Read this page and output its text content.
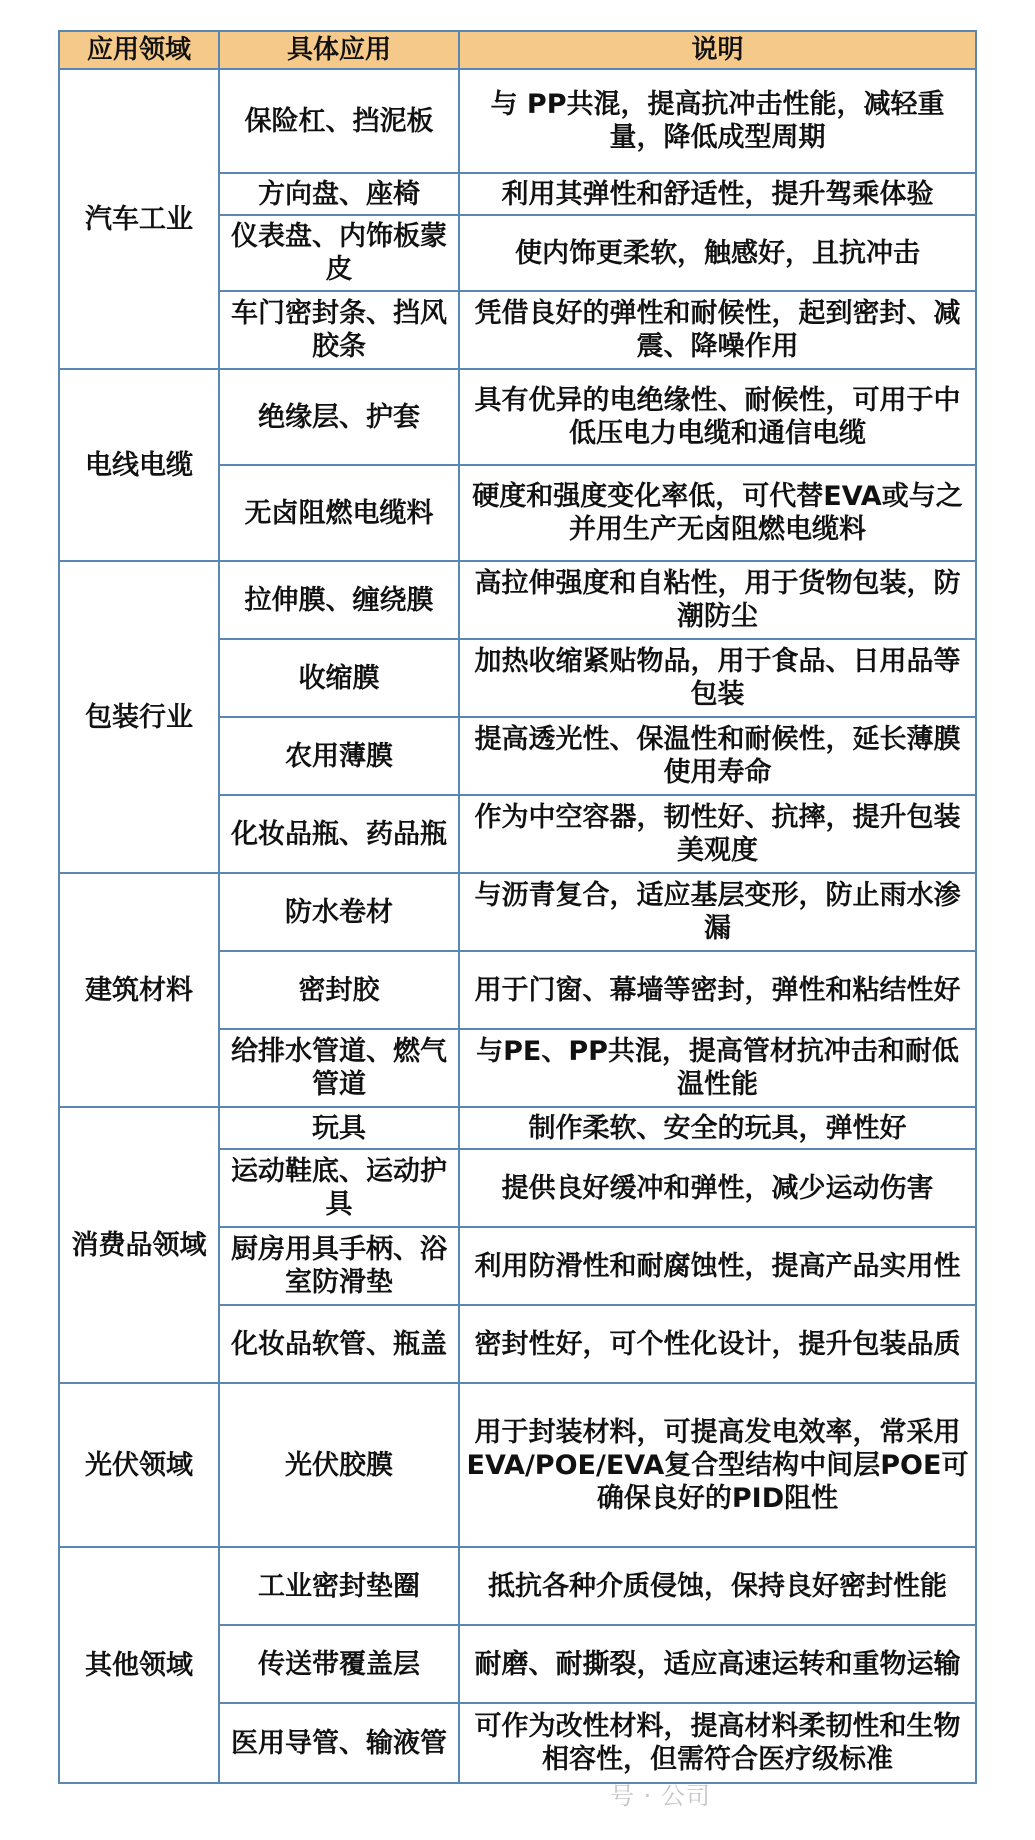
应用领域	具体应用	说明
汽车工业	保险杠、挡泥板	与 PP共混，提高抗冲击性能，减轻重量，降低成型周期
	方向盘、座椅	利用其弹性和舒适性，提升驾乘体验
	仪表盘、内饰板蒙皮	使内饰更柔软，触感好，且抗冲击
	车门密封条、挡风胶条	凭借良好的弹性和耐候性，起到密封、减震、降噪作用
电线电缆	绝缘层、护套	具有优异的电绝缘性、耐候性，可用于中低压电力电缆和通信电缆
	无卤阻燃电缆料	硬度和强度变化率低，可代替EVA或与之并用生产无卤阻燃电缆料
包装行业	拉伸膜、缠绕膜	高拉伸强度和自粘性，用于货物包装，防潮防尘
	收缩膜	加热收缩紧贴物品，用于食品、日用品等包装
	农用薄膜	提高透光性、保温性和耐候性，延长薄膜使用寿命
	化妆品瓶、药品瓶	作为中空容器，韧性好、抗摔，提升包装美观度
建筑材料	防水卷材	与沥青复合，适应基层变形，防止雨水渗漏
	密封胶	用于门窗、幕墙等密封，弹性和粘结性好
	给排水管道、燃气管道	与PE、PP共混，提高管材抗冲击和耐低温性能
消费品领域	玩具	制作柔软、安全的玩具，弹性好
	运动鞋底、运动护具	提供良好缓冲和弹性，减少运动伤害
	厨房用具手柄、浴室防滑垫	利用防滑性和耐腐蚀性，提高产品实用性
	化妆品软管、瓶盖	密封性好，可个性化设计，提升包装品质
光伏领域	光伏胶膜	用于封装材料，可提高发电效率，常采用EVA/POE/EVA复合型结构中间层POE可确保良好的PID阻性
其他领域	工业密封垫圈	抵抗各种介质侵蚀，保持良好密封性能
	传送带覆盖层	耐磨、耐撕裂，适应高速运转和重物运输
	医用导管、输液管	可作为改性材料，提高材料柔韧性和生物相容性，但需符合医疗级标准
号 · 公司
